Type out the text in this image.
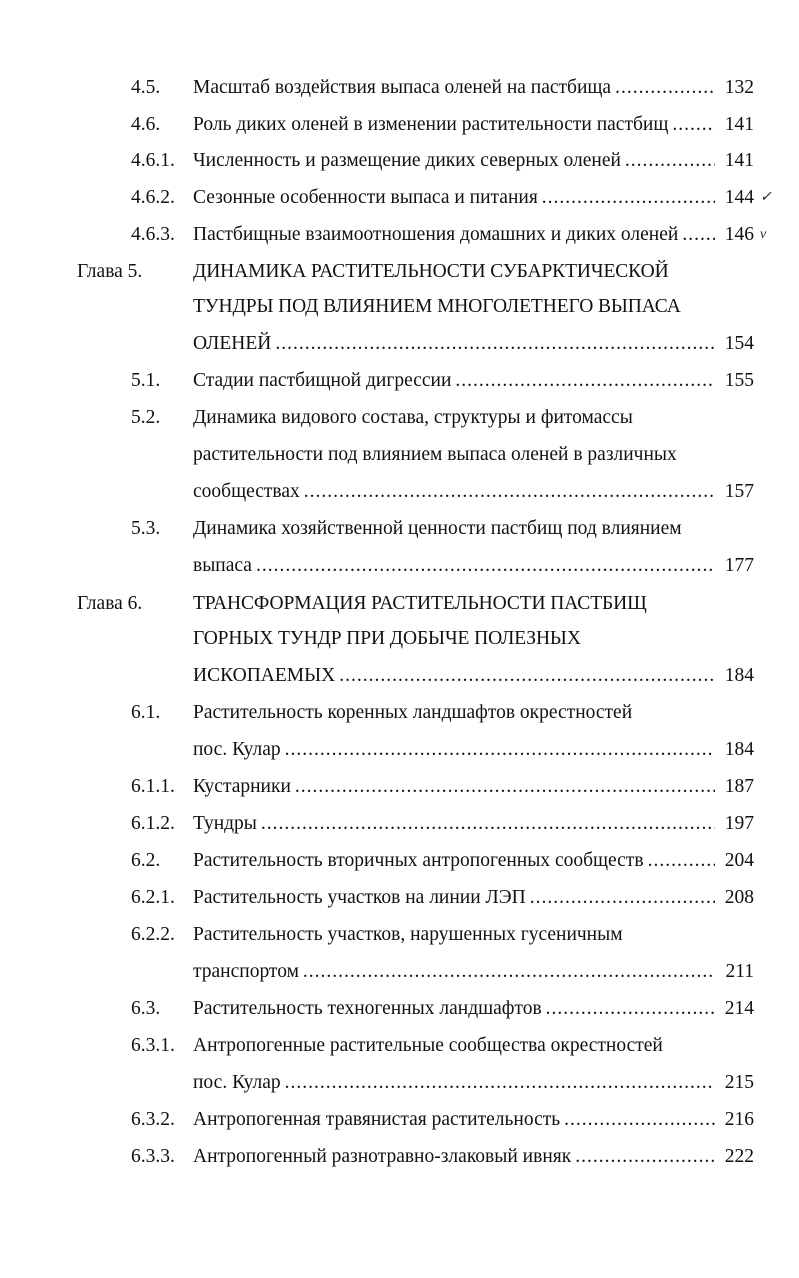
4.5. Масштаб воздействия выпаса оленей на пастбища .....	132
4.6. Роль диких оленей в изменении растительности пастбищ .....	141
4.6.1. Численность и размещение диких северных оленей .....	141
4.6.2. Сезонные особенности выпаса и питания .....	144 ✓
4.6.3. Пастбищные взаимоотношения домашних и диких оленей ..... 146 v
Глава 5.	ДИНАМИКА РАСТИТЕЛЬНОСТИ СУБАРКТИЧЕСКОЙ
ТУНДРЫ ПОД ВЛИЯНИЕМ МНОГОЛЕТНЕГО ВЫПАСА
ОЛЕНЕЙ .....	154
5.1. Стадии пастбищной дигрессии .....	155
5.2. Динамика видового состава, структуры и фитомассы
растительности под влиянием выпаса оленей в различных
сообществах .....	157
5.3. Динамика хозяйственной ценности пастбищ под влиянием
выпаса .....	177
Глава 6.	ТРАНСФОРМАЦИЯ РАСТИТЕЛЬНОСТИ ПАСТБИЩ
ГОРНЫХ ТУНДР ПРИ ДОБЫЧЕ ПОЛЕЗНЫХ
ИСКОПАЕМЫХ .....	184
6.1. Растительность коренных ландшафтов окрестностей
пос. Кулар .....	184
6.1.1. Кустарники .....	187
6.1.2. Тундры .....	197
6.2. Растительность вторичных антропогенных сообществ .....	204
6.2.1. Растительность участков на линии ЛЭП .....	208
6.2.2. Растительность участков, нарушенных гусеничным
транспортом .....	211
6.3. Растительность техногенных ландшафтов .....	214
6.3.1. Антропогенные растительные сообщества окрестностей
пос. Кулар .....	215
6.3.2. Антропогенная травянистая растительность .....	216
6.3.3. Антропогенный разнотравно-злаковый ивняк .....	222
